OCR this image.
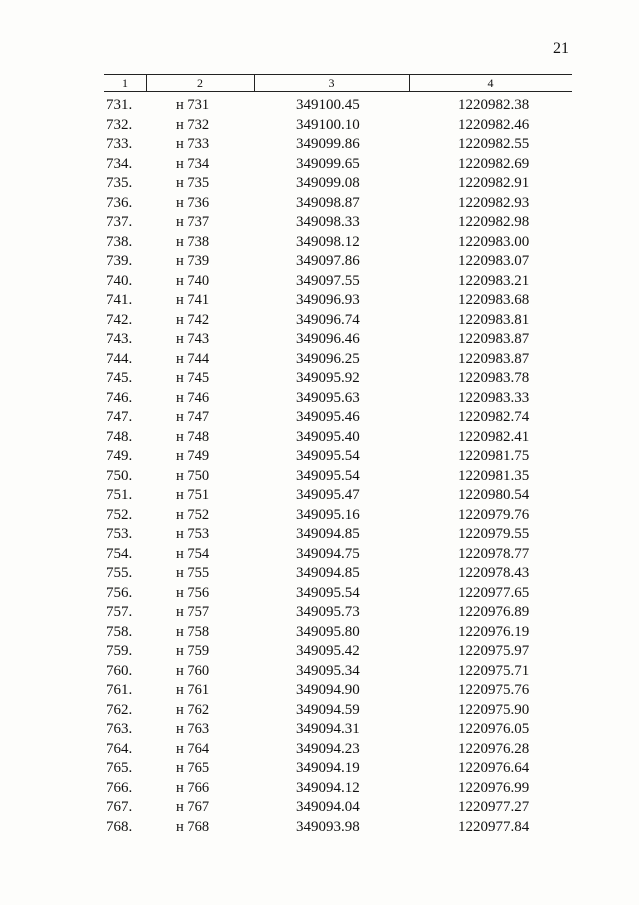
21
1	2	3	4
731.	н 731	349100.45	1220982.38
732.	н 732	349100.10	1220982.46
733.	н 733	349099.86	1220982.55
734.	н 734	349099.65	1220982.69
735.	н 735	349099.08	1220982.91
736.	н 736	349098.87	1220982.93
737.	н 737	349098.33	1220982.98
738.	н 738	349098.12	1220983.00
739.	н 739	349097.86	1220983.07
740.	н 740	349097.55	1220983.21
741.	н 741	349096.93	1220983.68
742.	н 742	349096.74	1220983.81
743.	н 743	349096.46	1220983.87
744.	н 744	349096.25	1220983.87
745.	н 745	349095.92	1220983.78
746.	н 746	349095.63	1220983.33
747.	н 747	349095.46	1220982.74
748.	н 748	349095.40	1220982.41
749.	н 749	349095.54	1220981.75
750.	н 750	349095.54	1220981.35
751.	н 751	349095.47	1220980.54
752.	н 752	349095.16	1220979.76
753.	н 753	349094.85	1220979.55
754.	н 754	349094.75	1220978.77
755.	н 755	349094.85	1220978.43
756.	н 756	349095.54	1220977.65
757.	н 757	349095.73	1220976.89
758.	н 758	349095.80	1220976.19
759.	н 759	349095.42	1220975.97
760.	н 760	349095.34	1220975.71
761.	н 761	349094.90	1220975.76
762.	н 762	349094.59	1220975.90
763.	н 763	349094.31	1220976.05
764.	н 764	349094.23	1220976.28
765.	н 765	349094.19	1220976.64
766.	н 766	349094.12	1220976.99
767.	н 767	349094.04	1220977.27
768.	н 768	349093.98	1220977.84
